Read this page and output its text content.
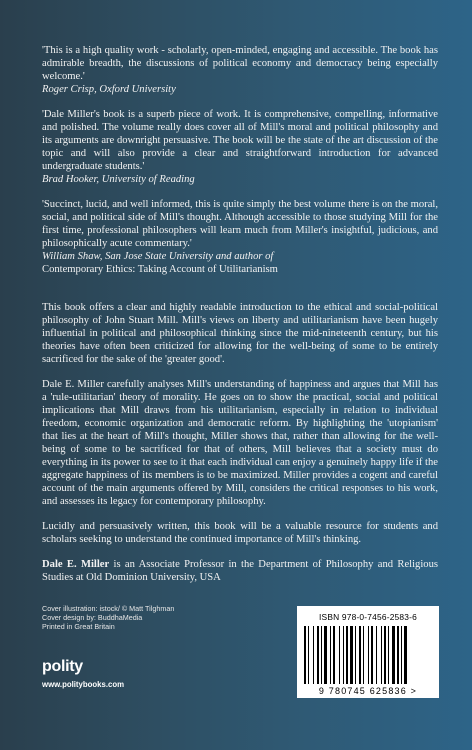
'This is a high quality work - scholarly, open-minded, engaging and accessible. The book has admirable breadth, the discussions of political economy and democracy being especially welcome.'

Roger Crisp, Oxford University

'Dale Miller's book is a superb piece of work. It is comprehensive, compelling, informative and polished. The volume really does cover all of Mill's moral and political philosophy and its arguments are downright persuasive. The book will be the state of the art discussion of the topic and will also provide a clear and straightforward introduction for advanced undergraduate students.'

Brad Hooker, University of Reading

'Succinct, lucid, and well informed, this is quite simply the best volume there is on the moral, social, and political side of Mill's thought. Although accessible to those studying Mill for the first time, professional philosophers will learn much from Miller's insightful, judicious, and philosophically acute commentary.'

William Shaw, San Jose State University and author of

Contemporary Ethics: Taking Account of Utilitarianism

This book offers a clear and highly readable introduction to the ethical and social-political philosophy of John Stuart Mill. Mill's views on liberty and utilitarianism have been hugely influential in political and philosophical thinking since the mid-nineteenth century, but his theories have often been criticized for allowing for the well-being of some to be entirely sacrificed for the sake of the 'greater good'.

Dale E. Miller carefully analyses Mill's understanding of happiness and argues that Mill has a 'rule-utilitarian' theory of morality. He goes on to show the practical, social and political implications that Mill draws from his utilitarianism, especially in relation to individual freedom, economic organization and democratic reform. By highlighting the 'utopianism' that lies at the heart of Mill's thought, Miller shows that, rather than allowing for the well-being of some to be sacrificed for that of others, Mill believes that a society must do everything in its power to see to it that each individual can enjoy a genuinely happy life if the aggregate happiness of its members is to be maximized. Miller provides a cogent and careful account of the main arguments offered by Mill, considers the critical responses to his work, and assesses its legacy for contemporary philosophy.

Lucidly and persuasively written, this book will be a valuable resource for students and scholars seeking to understand the continued importance of Mill's thinking.

Dale E. Miller is an Associate Professor in the Department of Philosophy and Religious Studies at Old Dominion University, USA

Cover illustration: istock/ © Matt Tilghman
Cover design by: BuddhaMedia
Printed in Great Britain
polity
www.politybooks.com
ISBN 978-0-7456-2583-6
9 780745 625836 >
